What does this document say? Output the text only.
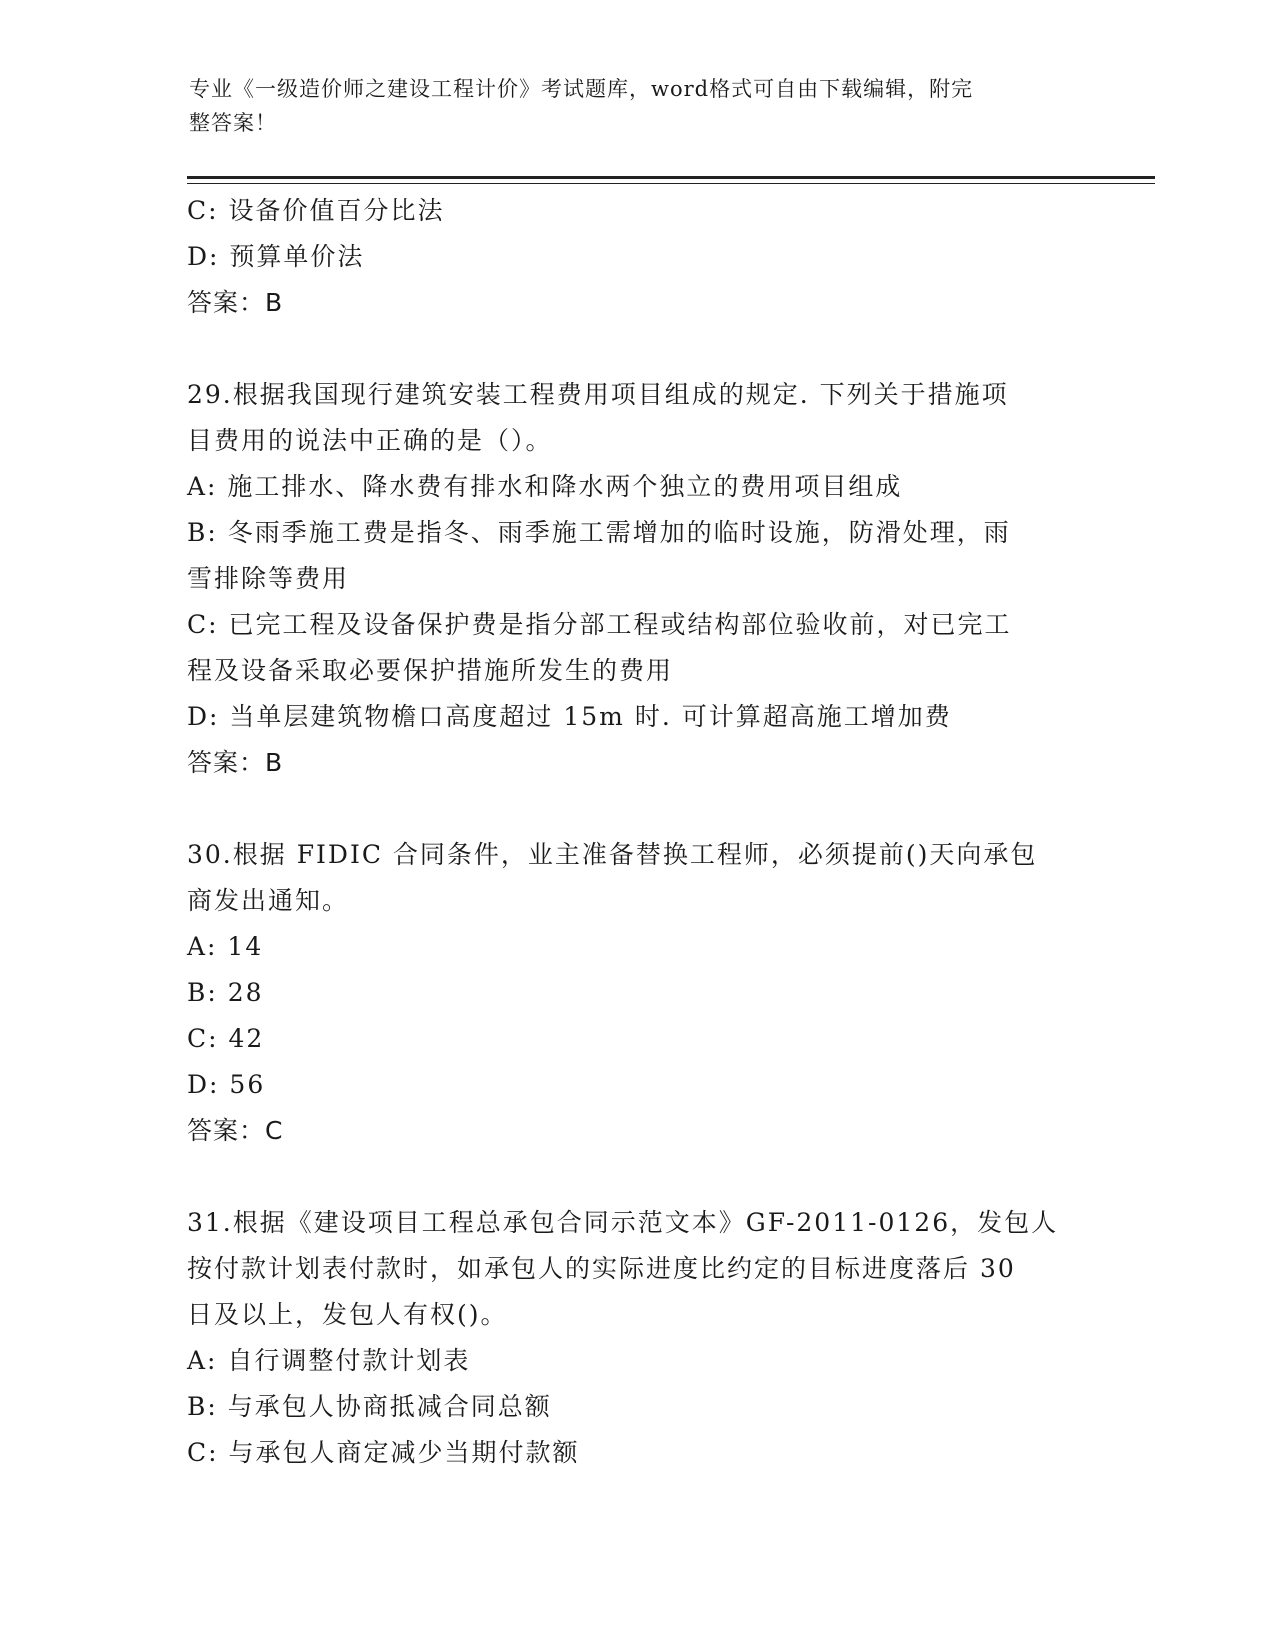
专业《一级造价师之建设工程计价》考试题库，word格式可自由下载编辑，附完
整答案！

C: 设备价值百分比法

D: 预算单价法

答案：B

29.根据我国现行建筑安装工程费用项目组成的规定. 下列关于措施项

目费用的说法中正确的是（）。

A: 施工排水、降水费有排水和降水两个独立的费用项目组成

B: 冬雨季施工费是指冬、雨季施工需增加的临时设施，防滑处理，雨

雪排除等费用

C: 已完工程及设备保护费是指分部工程或结构部位验收前，对已完工

程及设备采取必要保护措施所发生的费用

D: 当单层建筑物檐口高度超过 15m 时. 可计算超高施工增加费

答案：B

30.根据 FIDIC 合同条件，业主准备替换工程师，必须提前()天向承包

商发出通知。

A: 14

B: 28

C: 42

D: 56

答案：C

31.根据《建设项目工程总承包合同示范文本》GF-2011-0126，发包人

按付款计划表付款时，如承包人的实际进度比约定的目标进度落后 30

日及以上，发包人有权()。

A: 自行调整付款计划表

B: 与承包人协商抵减合同总额

C: 与承包人商定减少当期付款额
